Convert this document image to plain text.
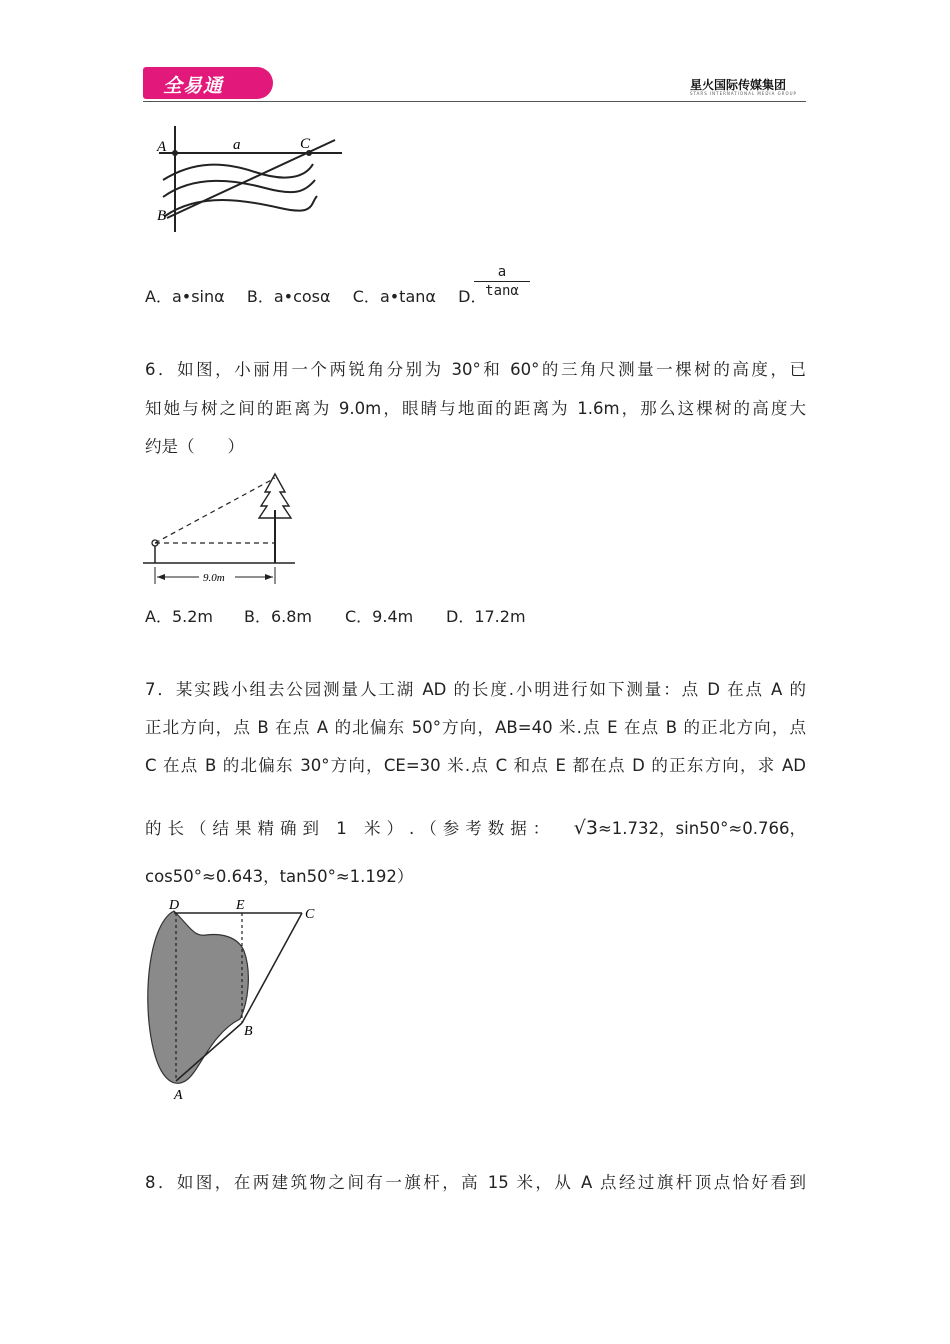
全易通	星火国际传媒集团
STARS INTERNATIONAL MEDIA GROUP
A	a	C
B
A．a•sinα B．a•cosα C．a•tanα D．
a
tanα
6．如图，小丽用一个两锐角分别为 30°和 60°的三角尺测量一棵树的高度，已
知她与树之间的距离为 9.0m，眼睛与地面的距离为 1.6m，那么这棵树的高度大
约是（　　）
9.0m
A．5.2m B．6.8m C．9.4m D．17.2m
7．某实践小组去公园测量人工湖 AD 的长度.小明进行如下测量：点 D 在点 A 的
正北方向，点 B 在点 A 的北偏东 50°方向，AB=40 米.点 E 在点 B 的正北方向，点
C 在点 B 的北偏东 30°方向，CE=30 米.点 C 和点 E 都在点 D 的正东方向，求 AD
的长（结果精确到 1 米）.（参考数据： √3≈1.732，sin50°≈0.766，
cos50°≈0.643，tan50°≈1.192）
D	E
C
B
A
8．如图，在两建筑物之间有一旗杆，高 15 米，从 A 点经过旗杆顶点恰好看到
